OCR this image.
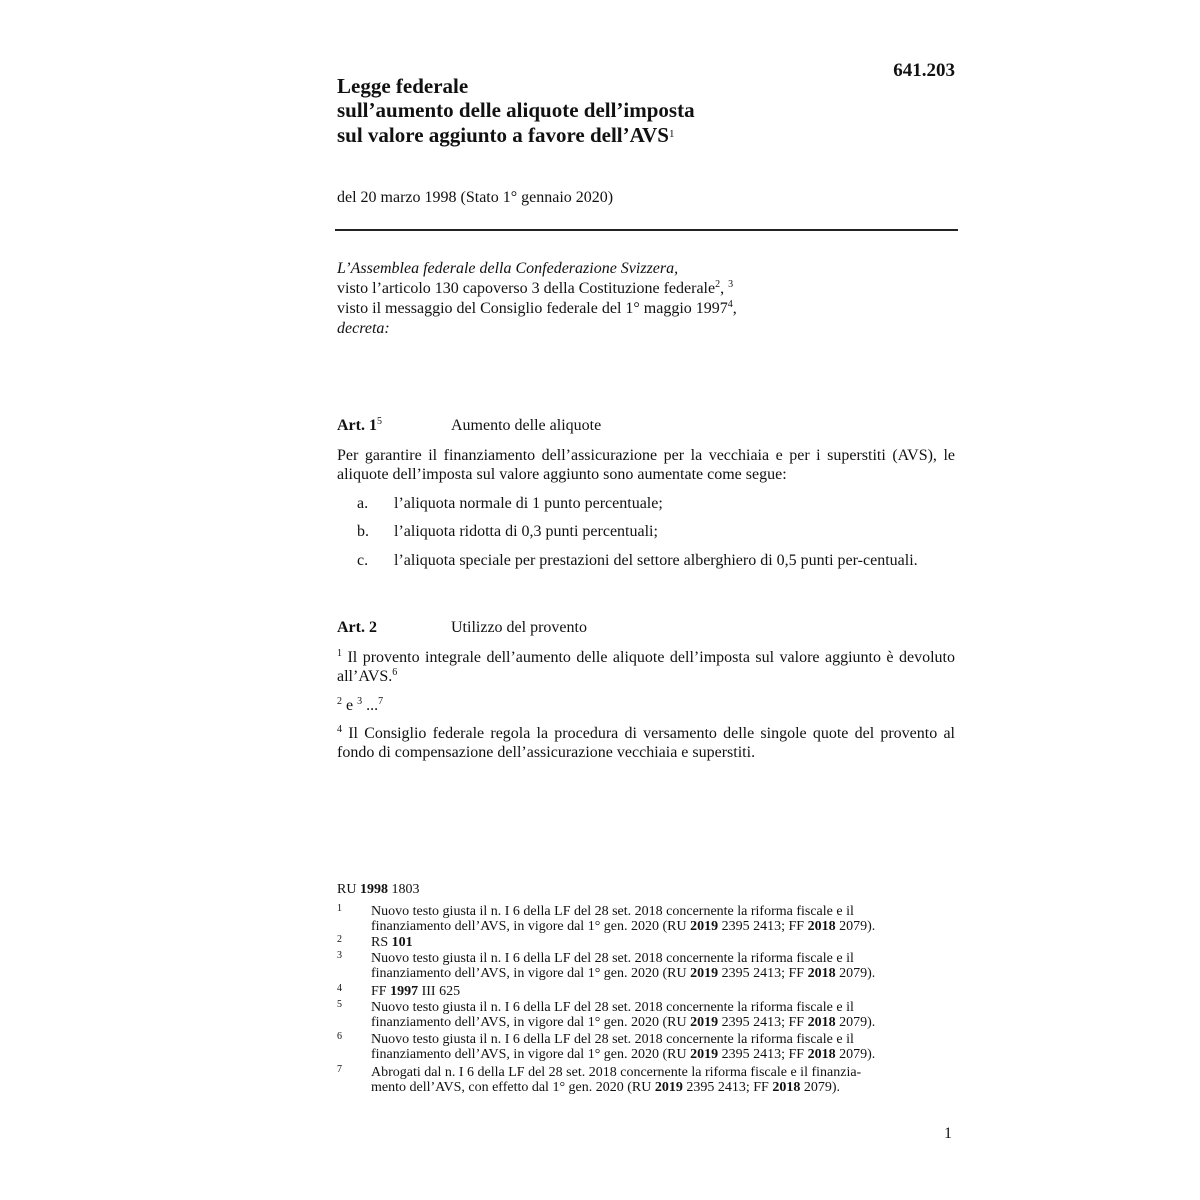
641.203
Legge federale
sull’aumento delle aliquote dell’imposta
sul valore aggiunto a favore dell’AVS$^1$
del 20 marzo 1998 (Stato 1° gennaio 2020)
L’Assemblea federale della Confederazione Svizzera,
visto l’articolo 130 capoverso 3 della Costituzione federale$^2$, $^3$
visto il messaggio del Consiglio federale del 1° maggio 1997$^4$,
decreta:
Art. 1$^5$	Aumento delle aliquote
Per garantire il finanziamento dell’assicurazione per la vecchiaia e per i superstiti (AVS), le aliquote dell’imposta sul valore aggiunto sono aumentate come segue:
a. l’aliquota normale di 1 punto percentuale;
b. l’aliquota ridotta di 0,3 punti percentuali;
c. l’aliquota speciale per prestazioni del settore alberghiero di 0,5 punti per-centuali.
Art. 2	Utilizzo del provento
$^1$ Il provento integrale dell’aumento delle aliquote dell’imposta sul valore aggiunto è devoluto all’AVS.$^6$
$^2$ e $^3$ ...$^7$
$^4$ Il Consiglio federale regola la procedura di versamento delle singole quote del provento al fondo di compensazione dell’assicurazione vecchiaia e superstiti.
RU 1998 1803
1 Nuovo testo giusta il n. I 6 della LF del 28 set. 2018 concernente la riforma fiscale e il
finanziamento dell’AVS, in vigore dal 1° gen. 2020 (RU 2019 2395 2413; FF 2018 2079).
2 RS 101
3 Nuovo testo giusta il n. I 6 della LF del 28 set. 2018 concernente la riforma fiscale e il
finanziamento dell’AVS, in vigore dal 1° gen. 2020 (RU 2019 2395 2413; FF 2018 2079).
4 FF 1997 III 625
5 Nuovo testo giusta il n. I 6 della LF del 28 set. 2018 concernente la riforma fiscale e il
finanziamento dell’AVS, in vigore dal 1° gen. 2020 (RU 2019 2395 2413; FF 2018 2079).
6 Nuovo testo giusta il n. I 6 della LF del 28 set. 2018 concernente la riforma fiscale e il
finanziamento dell’AVS, in vigore dal 1° gen. 2020 (RU 2019 2395 2413; FF 2018 2079).
7 Abrogati dal n. I 6 della LF del 28 set. 2018 concernente la riforma fiscale e il finanzia-
mento dell’AVS, con effetto dal 1° gen. 2020 (RU 2019 2395 2413; FF 2018 2079).
1
